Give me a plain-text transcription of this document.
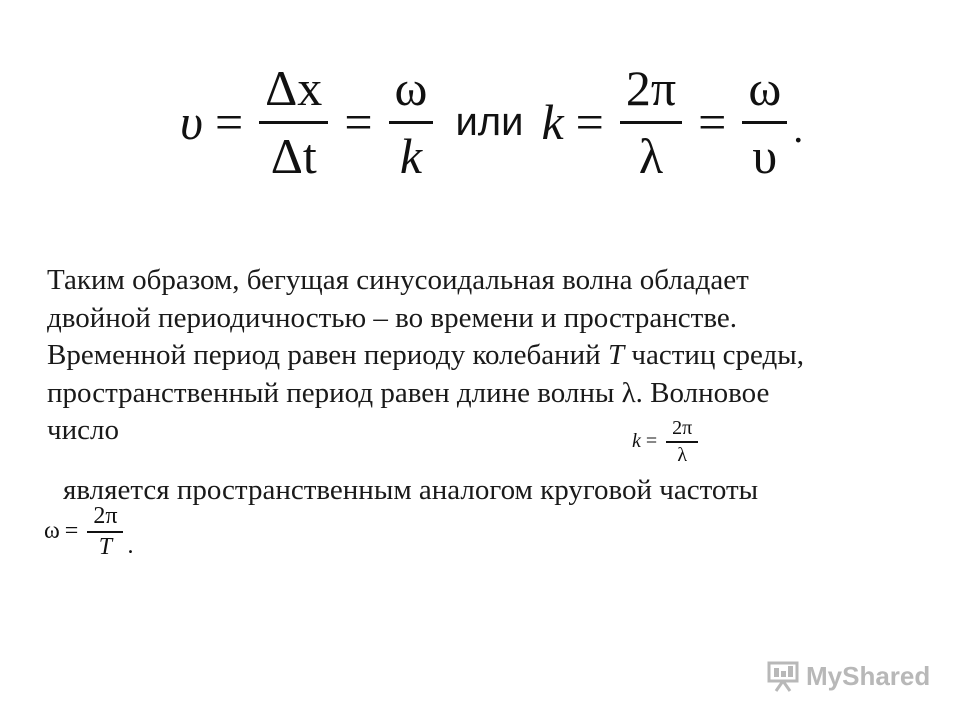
$\upsilon = \frac{\Delta x}{\Delta t} = \frac{\omega}{k}$ или $k = \frac{2\pi}{\lambda} = \frac{\omega}{\upsilon}$ .

Таким образом, бегущая синусоидальная волна обладает

двойной периодичностью – во времени и пространстве.

Временной период равен периоду колебаний T частиц среды,

пространственный период равен длине волны λ. Волновое

число	$k = \frac{2\pi}{\lambda}$
является пространственным аналогом круговой частоты
$\omega = \frac{2\pi}{T}$ .
MyShared
